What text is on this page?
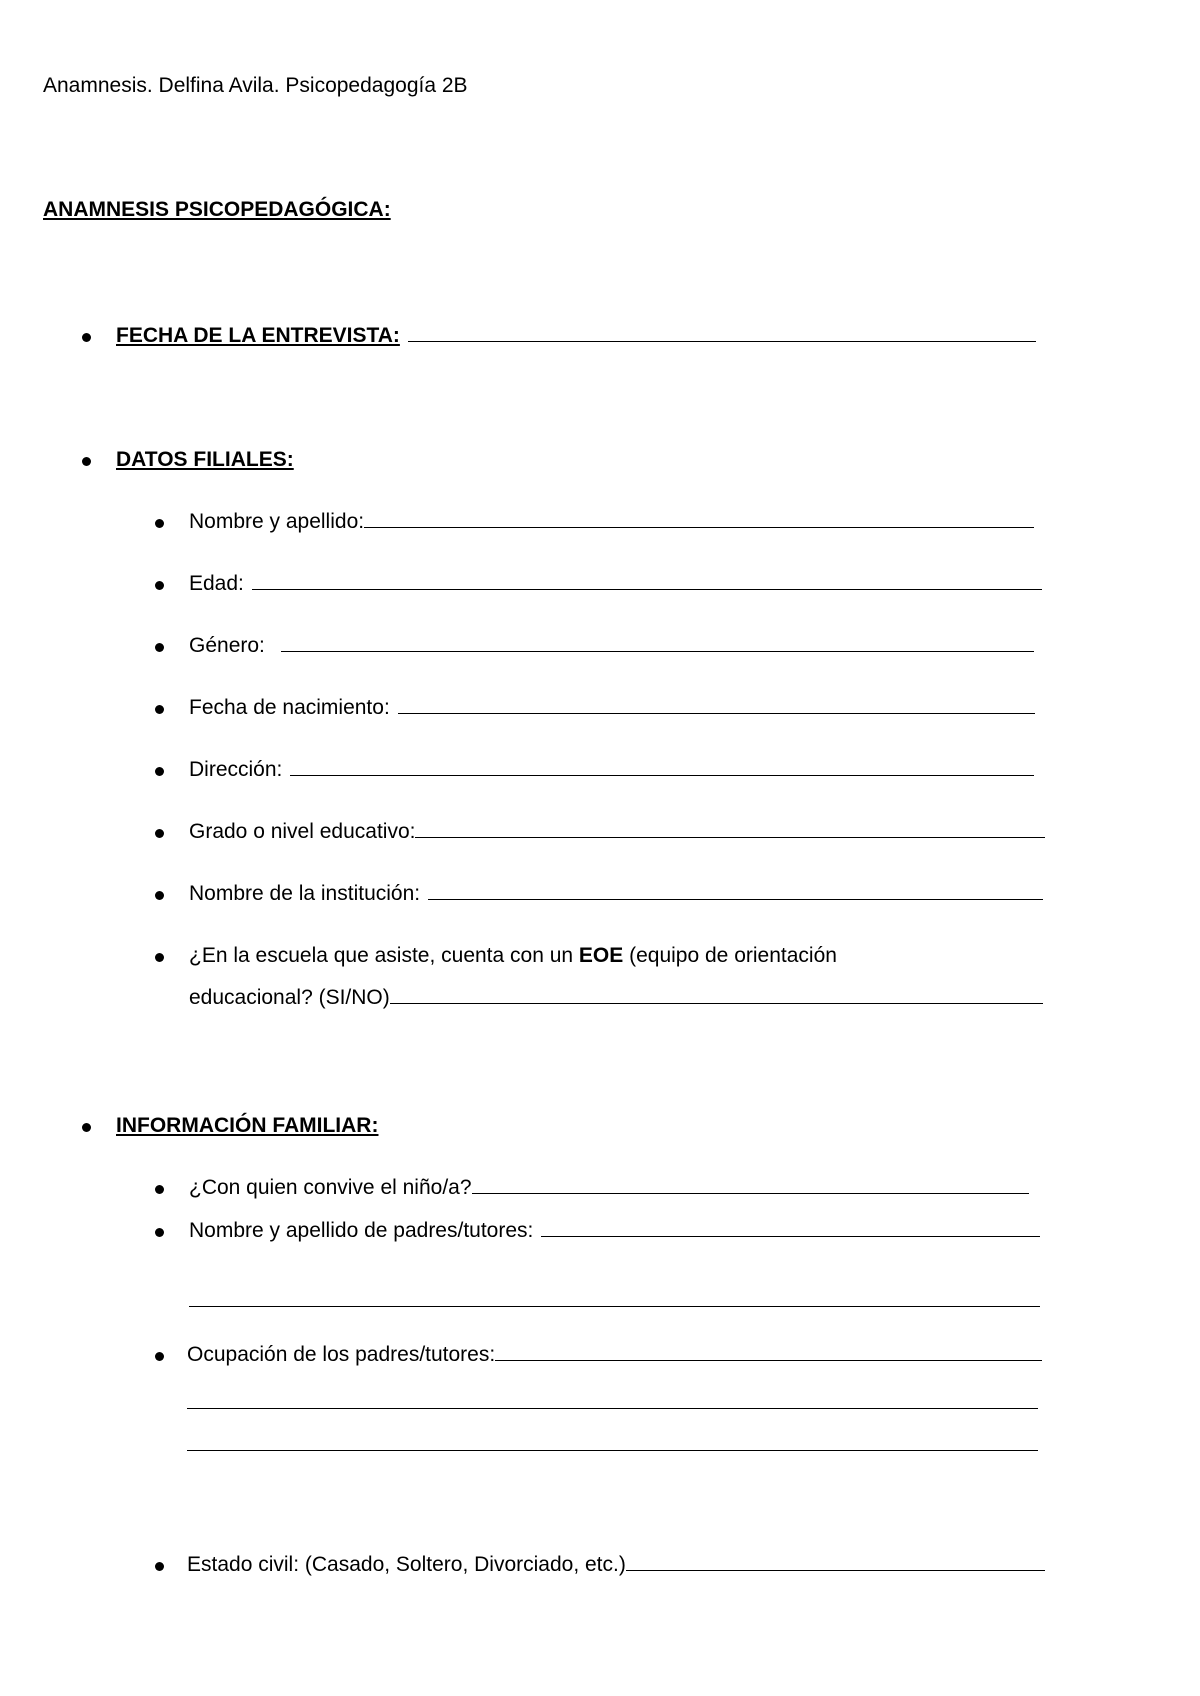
Anamnesis. Delfina Avila. Psicopedagogía 2B
ANAMNESIS PSICOPEDAGÓGICA:
FECHA DE LA ENTREVISTA:
DATOS FILIALES:
Nombre y apellido:
Edad:
Género:
Fecha de nacimiento:
Dirección:
Grado o nivel educativo:
Nombre de la institución:
¿En la escuela que asiste, cuenta con un EOE (equipo de orientación
educacional? (SI/NO)
INFORMACIÓN FAMILIAR:
¿Con quien convive el niño/a?
Nombre y apellido de padres/tutores:
Ocupación de los padres/tutores:
Estado civil: (Casado, Soltero, Divorciado, etc.)
